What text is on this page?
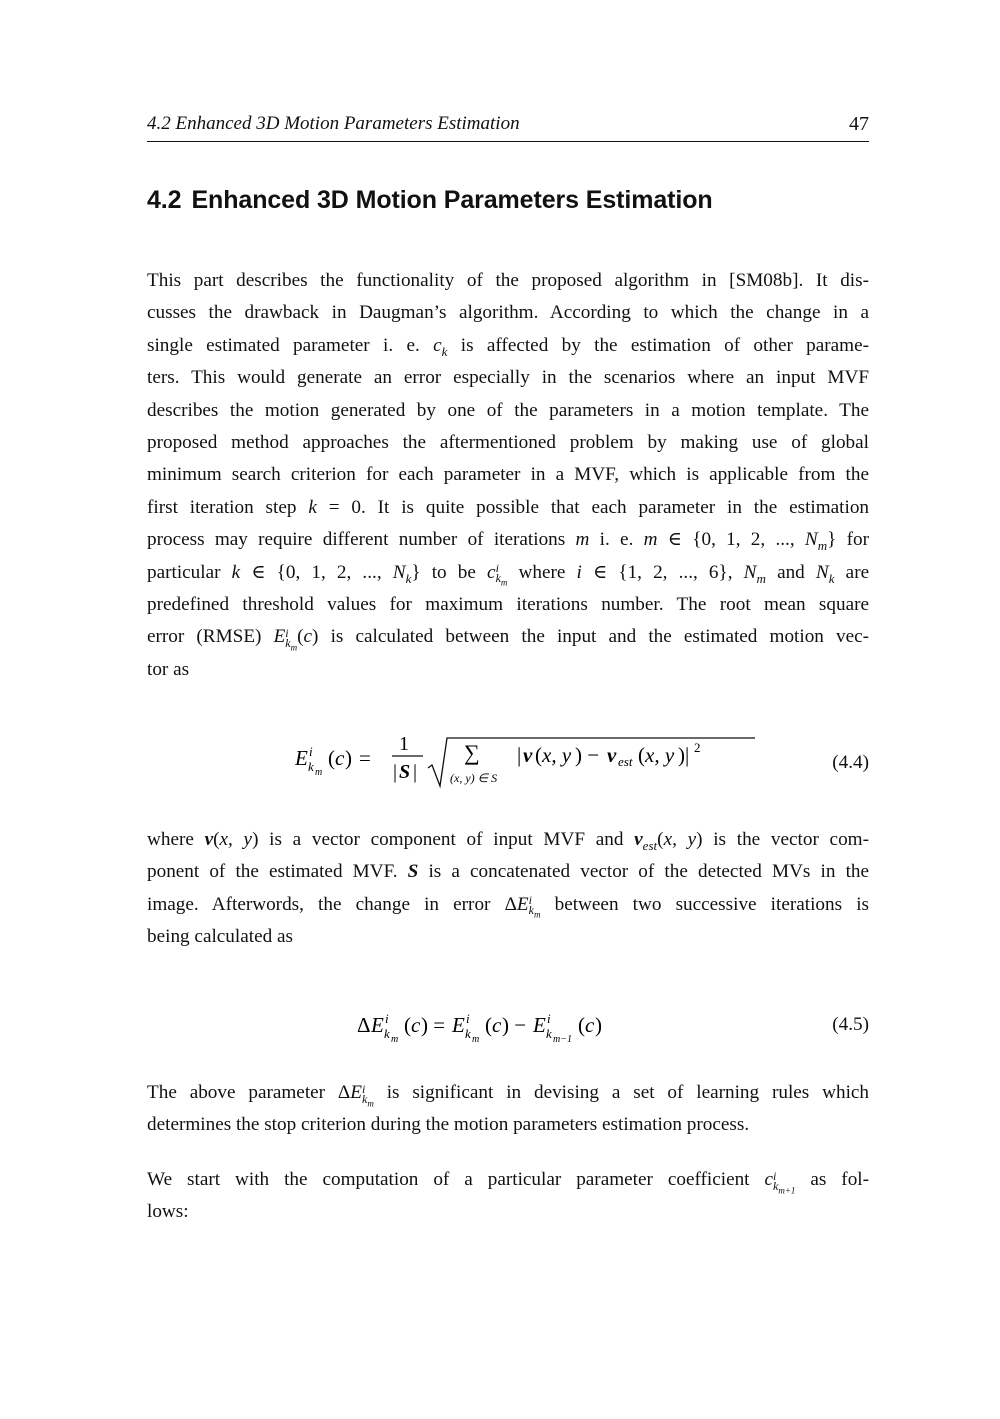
4.2 Enhanced 3D Motion Parameters Estimation	47
4.2 Enhanced 3D Motion Parameters Estimation
This part describes the functionality of the proposed algorithm in [SM08b]. It dis-
cusses the drawback in Daugman’s algorithm. According to which the change in a
single estimated parameter i. e. $c_k$ is affected by the estimation of other parame-
ters. This would generate an error especially in the scenarios where an input MVF
describes the motion generated by one of the parameters in a motion template. The
proposed method approaches the aftermentioned problem by making use of global
minimum search criterion for each parameter in a MVF, which is applicable from the
first iteration step k = 0. It is quite possible that each parameter in the estimation
process may require different number of iterations m i. e. m ∈ {0, 1, 2, ..., $N_m$} for
particular k ∈ {0, 1, 2, ..., $N_k$} to be c i
$k_m$ where i ∈ {1, 2, ..., 6}, $N_m$ and $N_k$ are
predefined threshold values for maximum iterations number. The root mean square
error (RMSE) E i
$k_m$ (c) is calculated between the input and the estimated motion vec-
tor as
E i
k m
( c ) =
1
| S |
∑
(x, y) ∈ S
| v ( x, y ) − v est ( x, y )| 2
(4.4)
where v(x, y) is a vector component of input MVF and $v_{est}(x$, y) is the vector com-
ponent of the estimated MVF. S is a concatenated vector of the detected MVs in the
image. Afterwords, the change in error ΔE i
$k_m$ between two successive iterations is
being calculated as
Δ E i
k m
( c ) = E i
k m
( c ) − E i
k m−1
( c )	(4.5)
The above parameter ΔE i
$k_m$ is significant in devising a set of learning rules which
determines the stop criterion during the motion parameters estimation process.
We start with the computation of a particular parameter coefficient c i
$k_{m+1}$ as fol-
lows:
